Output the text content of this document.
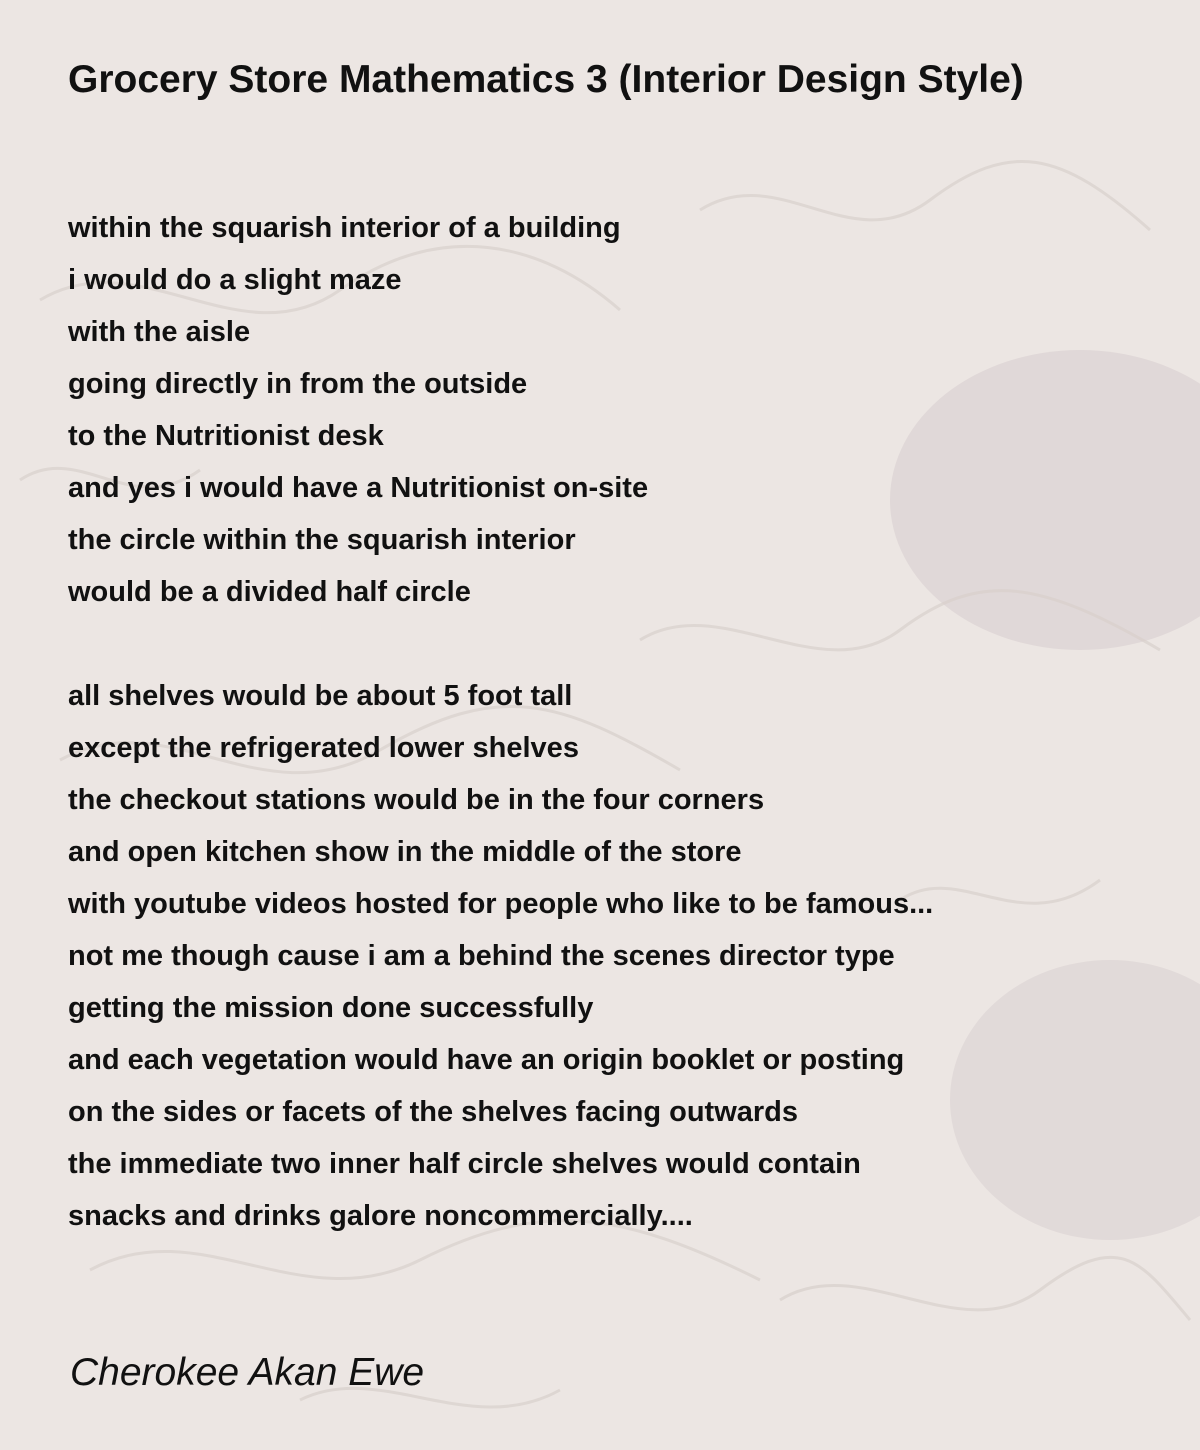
Grocery Store Mathematics 3 (Interior Design Style)
within the squarish interior of a building
i would do a slight maze
with the aisle
going directly in from the outside
to the Nutritionist desk
and yes i would have a Nutritionist on-site
the circle within the squarish interior
would be a divided half circle
all shelves would be about 5 foot tall
except the refrigerated lower shelves
the checkout stations would be in the four corners
and open kitchen show in the middle of the store
with youtube videos hosted for people who like to be famous...
not me though cause i am a behind the scenes director type
getting the mission done successfully
and each vegetation would have an origin booklet or posting
on the sides or facets of the shelves facing outwards
the immediate two inner half circle shelves would contain
snacks and drinks galore noncommercially....
Cherokee Akan Ewe
